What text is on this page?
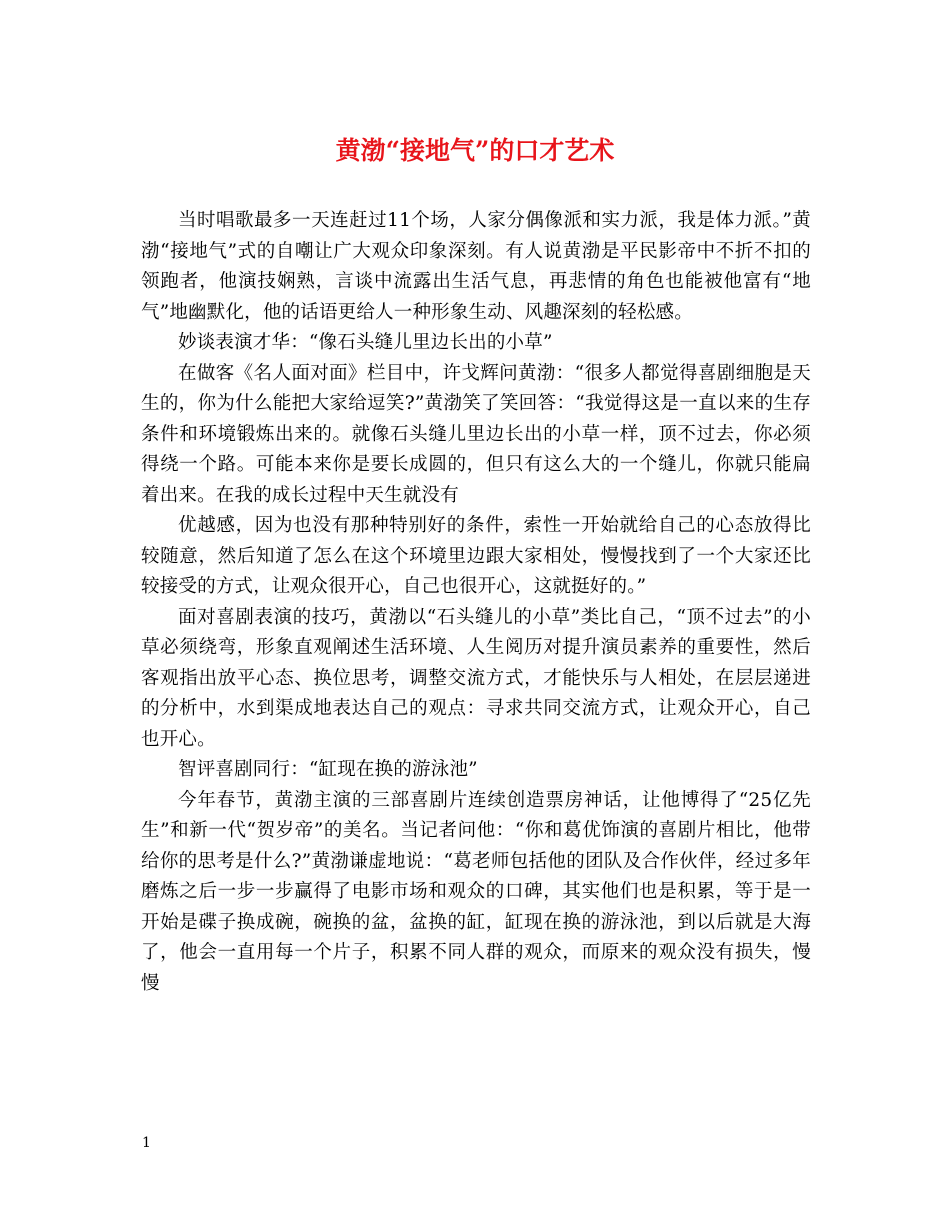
黄渤“接地气”的口才艺术

当时唱歌最多一天连赶过11个场，人家分偶像派和实力派，我是体力派。”黄渤“接地气”式的自嘲让广大观众印象深刻。有人说黄渤是平民影帝中不折不扣的领跑者，他演技娴熟，言谈中流露出生活气息，再悲情的角色也能被他富有“地气”地幽默化，他的话语更给人一种形象生动、风趣深刻的轻松感。

妙谈表演才华：“像石头缝儿里边长出的小草”

在做客《名人面对面》栏目中，许戈辉问黄渤：“很多人都觉得喜剧细胞是天生的，你为什么能把大家给逗笑?”黄渤笑了笑回答：“我觉得这是一直以来的生存条件和环境锻炼出来的。就像石头缝儿里边长出的小草一样，顶不过去，你必须得绕一个路。可能本来你是要长成圆的，但只有这么大的一个缝儿，你就只能扁着出来。在我的成长过程中天生就没有

优越感，因为也没有那种特别好的条件，索性一开始就给自己的心态放得比较随意，然后知道了怎么在这个环境里边跟大家相处，慢慢找到了一个大家还比较接受的方式，让观众很开心，自己也很开心，这就挺好的。”

面对喜剧表演的技巧，黄渤以“石头缝儿的小草”类比自己，“顶不过去”的小草必须绕弯，形象直观阐述生活环境、人生阅历对提升演员素养的重要性，然后客观指出放平心态、换位思考，调整交流方式，才能快乐与人相处，在层层递进的分析中，水到渠成地表达自己的观点：寻求共同交流方式，让观众开心，自己也开心。

智评喜剧同行：“缸现在换的游泳池”

今年春节，黄渤主演的三部喜剧片连续创造票房神话，让他博得了“25亿先生”和新一代“贺岁帝”的美名。当记者问他：“你和葛优饰演的喜剧片相比，他带给你的思考是什么?”黄渤谦虚地说：“葛老师包括他的团队及合作伙伴，经过多年磨炼之后一步一步赢得了电影市场和观众的口碑，其实他们也是积累，等于是一开始是碟子换成碗，碗换的盆，盆换的缸，缸现在换的游泳池，到以后就是大海了，他会一直用每一个片子，积累不同人群的观众，而原来的观众没有损失，慢慢

1
